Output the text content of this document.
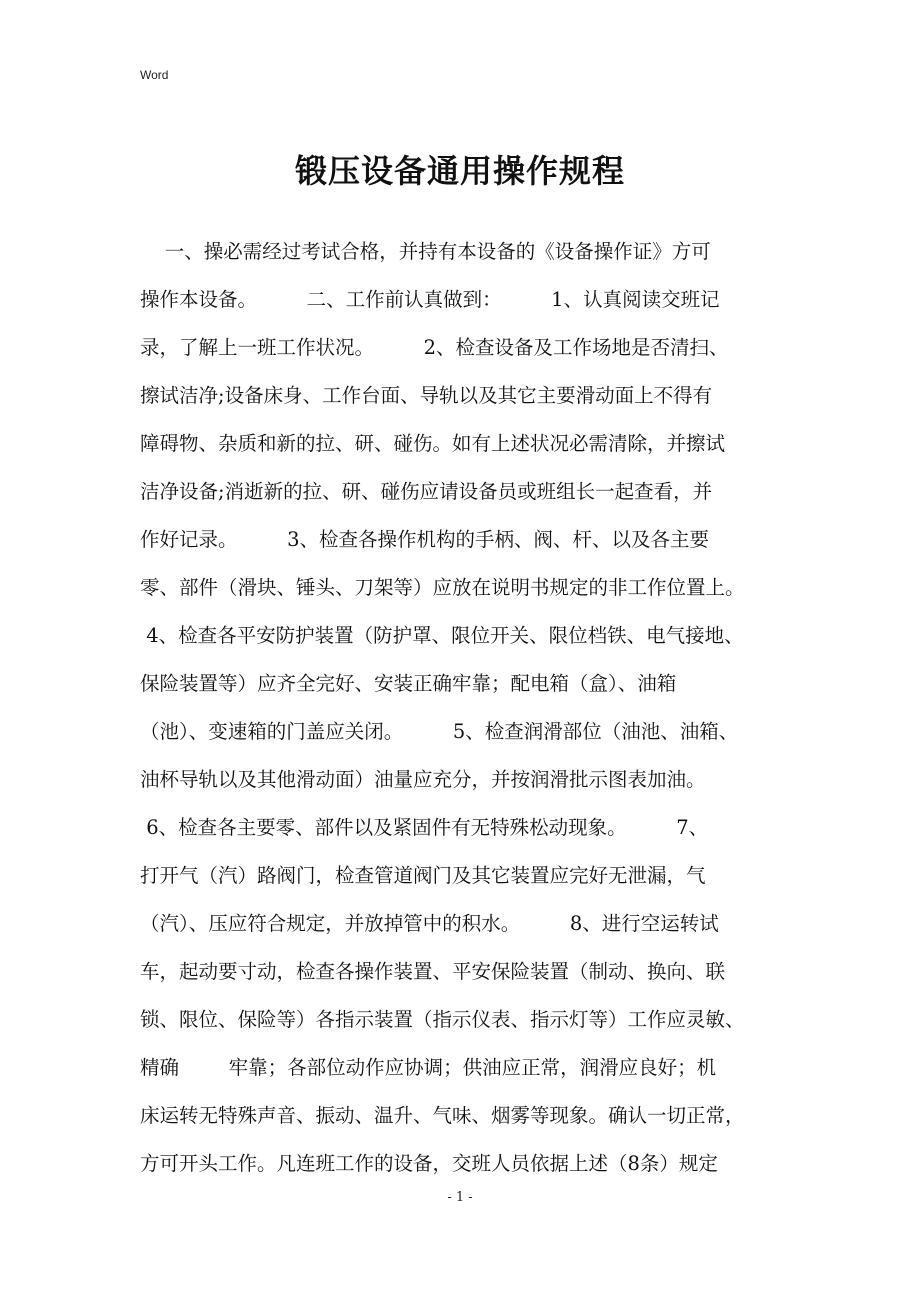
Word
锻压设备通用操作规程
一、操必需经过考试合格，并持有本设备的《设备操作证》方可
操作本设备。        二、工作前认真做到：        1、认真阅读交班记
录，了解上一班工作状况。        2、检查设备及工作场地是否清扫、
擦试洁净;设备床身、工作台面、导轨以及其它主要滑动面上不得有
障碍物、杂质和新的拉、研、碰伤。如有上述状况必需清除，并擦试
洁净设备;消逝新的拉、研、碰伤应请设备员或班组长一起查看，并
作好记录。        3、检查各操作机构的手柄、阀、杆、以及各主要
零、部件（滑块、锤头、刀架等）应放在说明书规定的非工作位置上。
4、检查各平安防护装置（防护罩、限位开关、限位档铁、电气接地、
保险装置等）应齐全完好、安装正确牢靠；配电箱（盒）、油箱
（池）、变速箱的门盖应关闭。        5、检查润滑部位（油池、油箱、
油杯导轨以及其他滑动面）油量应充分，并按润滑批示图表加油。
6、检查各主要零、部件以及紧固件有无特殊松动现象。        7、
打开气（汽）路阀门，检查管道阀门及其它装置应完好无泄漏，气
（汽）、压应符合规定，并放掉管中的积水。        8、进行空运转试
车，起动要寸动，检查各操作装置、平安保险装置（制动、换向、联
锁、限位、保险等）各指示装置（指示仪表、指示灯等）工作应灵敏、
精确        牢靠；各部位动作应协调；供油应正常，润滑应良好；机
床运转无特殊声音、振动、温升、气味、烟雾等现象。确认一切正常，
方可开头工作。凡连班工作的设备，交班人员依据上述（8条）规定
- 1 -
